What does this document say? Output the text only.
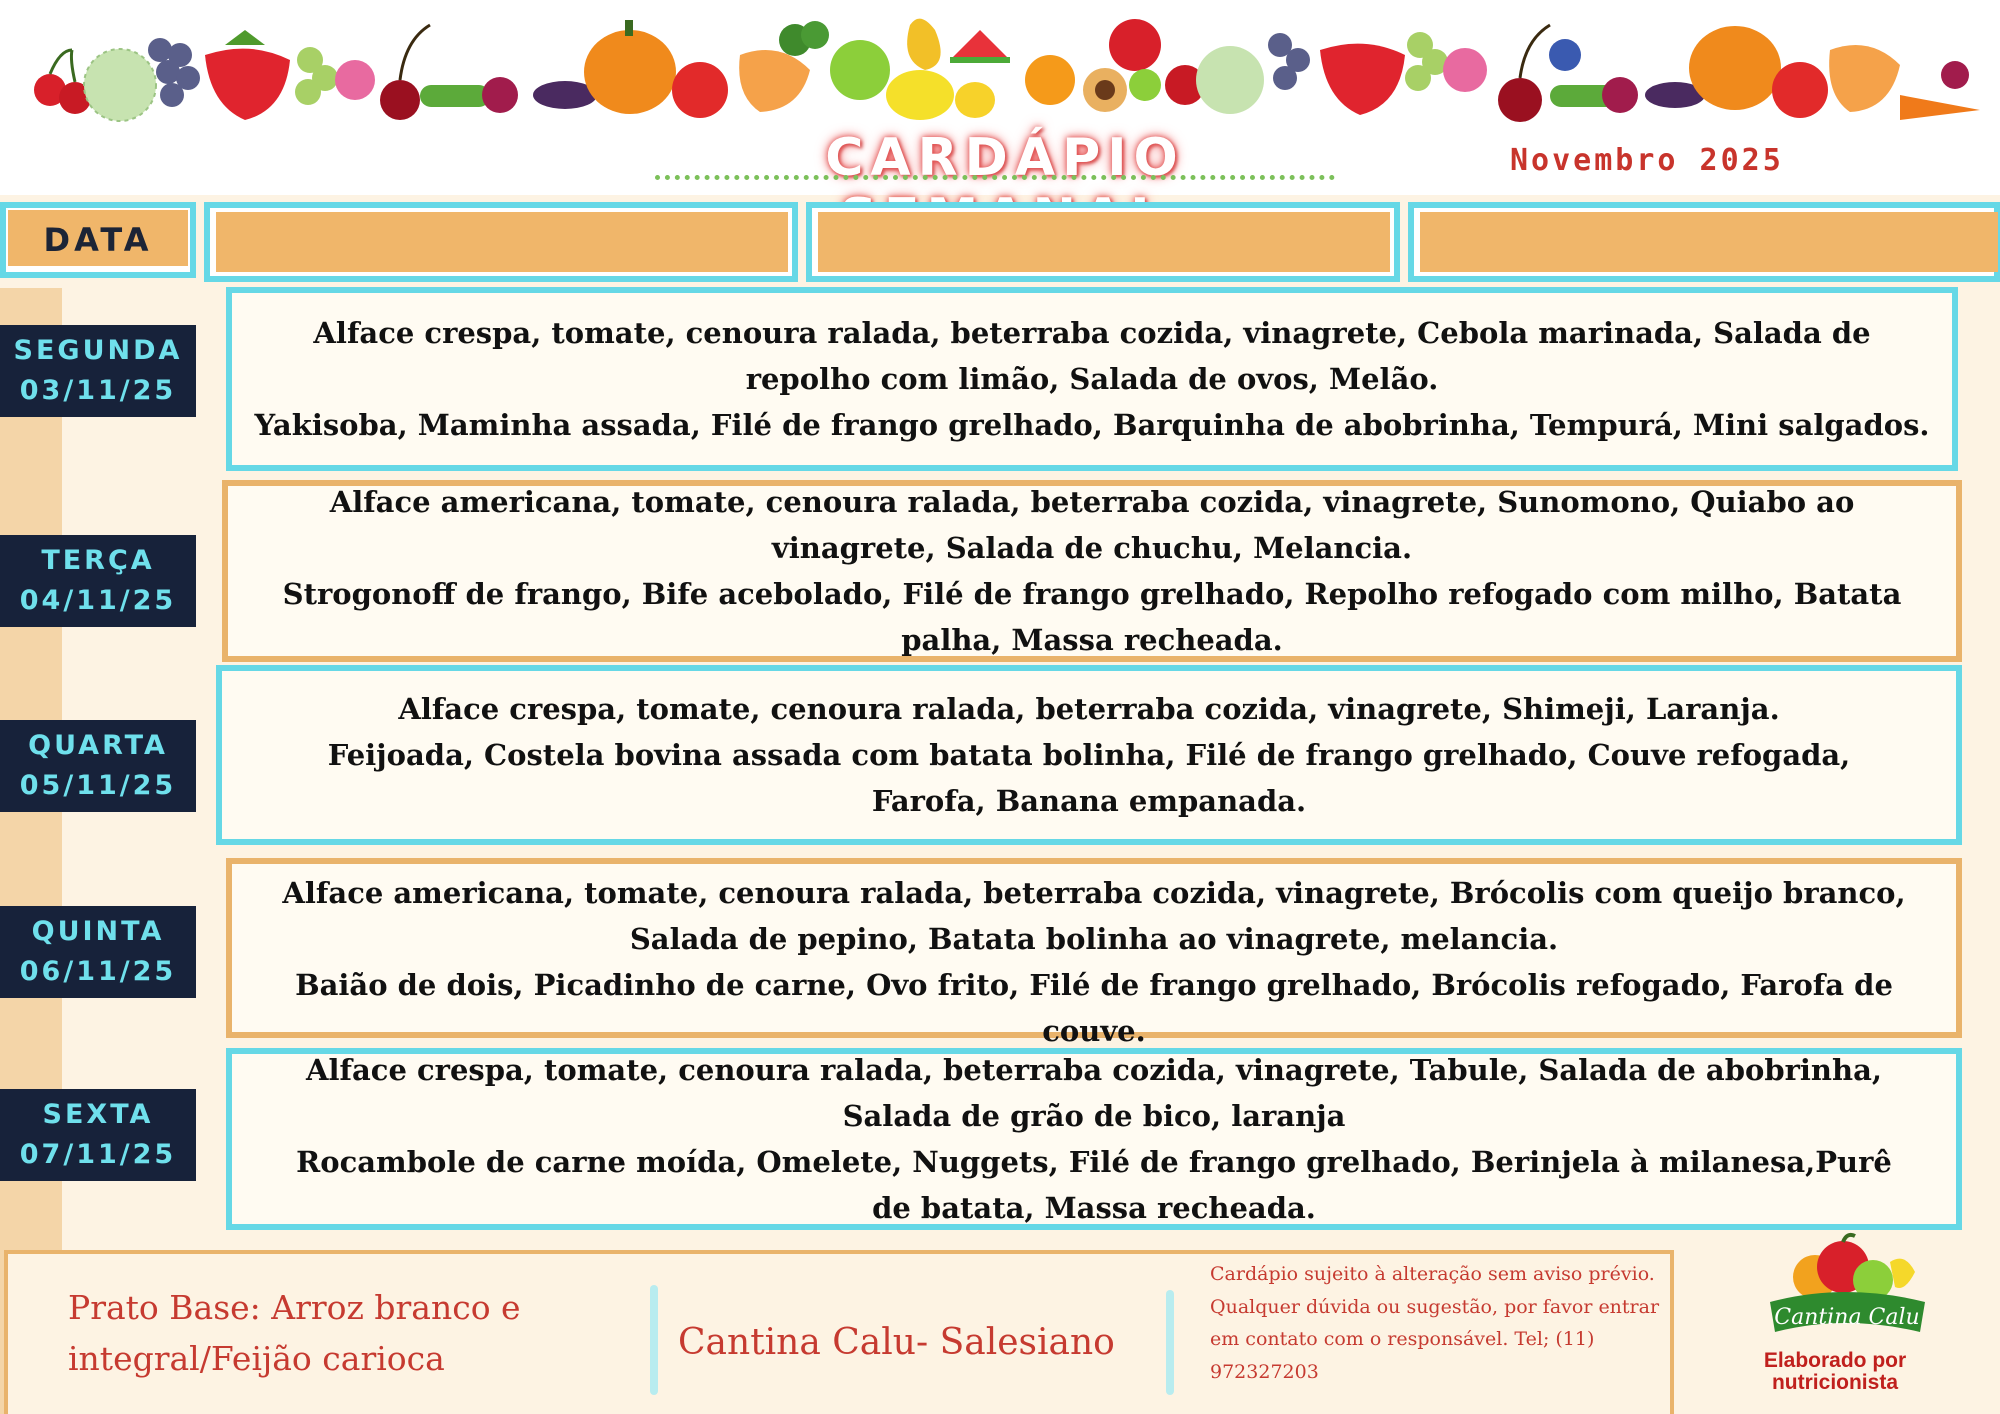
CARDÁPIO	Novembro 2025
DATA
SEGUNDA
03/11/25
TERÇA
04/11/25
QUARTA
05/11/25
QUINTA
06/11/25
SEXTA
07/11/25

Alface crespa, tomate, cenoura ralada, beterraba cozida, vinagrete, Cebola marinada, Salada de repolho com limão, Salada de ovos, Melão.

Yakisoba, Maminha assada, Filé de frango grelhado, Barquinha de abobrinha, Tempurá, Mini salgados.

Alface americana, tomate, cenoura ralada, beterraba cozida, vinagrete, Sunomono, Quiabo ao vinagrete, Salada de chuchu, Melancia.

Strogonoff de frango, Bife acebolado, Filé de frango grelhado, Repolho refogado com milho, Batata palha, Massa recheada.

Alface crespa, tomate, cenoura ralada, beterraba cozida, vinagrete, Shimeji, Laranja.

Feijoada, Costela bovina assada com batata bolinha, Filé de frango grelhado, Couve refogada,

Farofa, Banana empanada.

Alface americana, tomate, cenoura ralada, beterraba cozida, vinagrete, Brócolis com queijo branco, Salada de pepino, Batata bolinha ao vinagrete, melancia.

Baião de dois, Picadinho de carne, Ovo frito, Filé de frango grelhado, Brócolis refogado, Farofa de couve.

Alface crespa, tomate, cenoura ralada, beterraba cozida, vinagrete, Tabule, Salada de abobrinha, Salada de grão de bico, laranja

Rocambole de carne moída, Omelete, Nuggets, Filé de frango grelhado, Berinjela à milanesa,Purê de batata, Massa recheada.

Prato Base: Arroz branco e integral/Feijão carioca	Cantina Calu- Salesiano
Cardápio sujeito à alteração sem aviso prévio. Qualquer dúvida ou sugestão, por favor entrar em contato com o responsável. Tel; (11) 972327203
Cantina Calu
Elaborado por nutricionista
